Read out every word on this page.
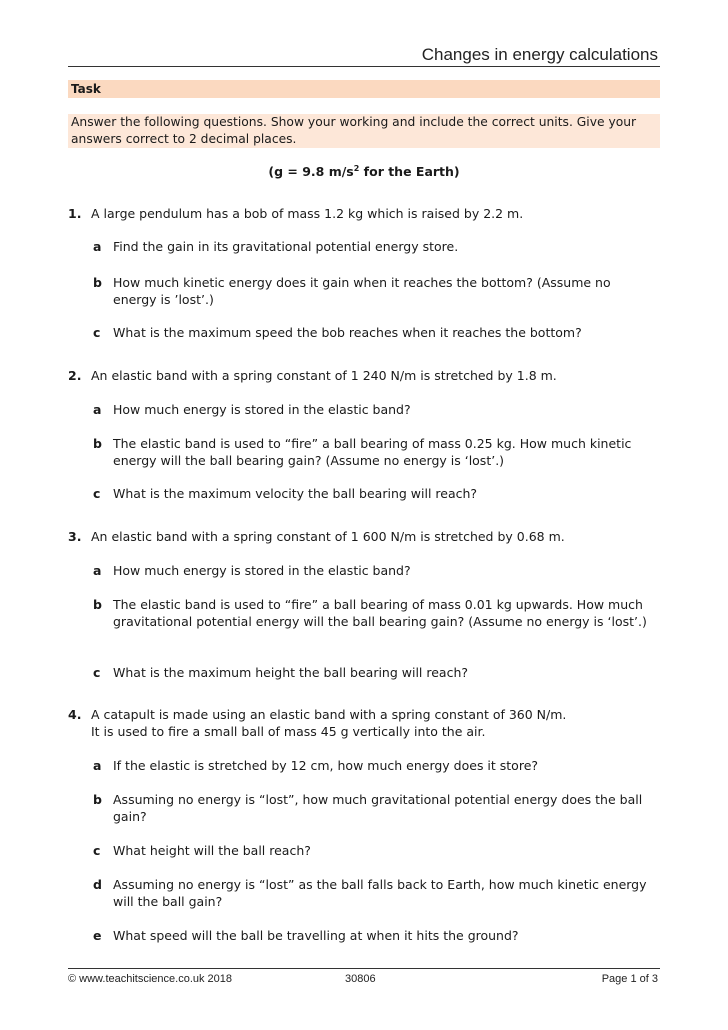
Changes in energy calculations
Task
Answer the following questions. Show your working and include the correct units. Give your answers correct to 2 decimal places.
(g = 9.8 $m/s^2$ for the Earth)
1. A large pendulum has a bob of mass 1.2 kg which is raised by 2.2 m.
a Find the gain in its gravitational potential energy store.
b How much kinetic energy does it gain when it reaches the bottom? (Assume no energy is ’lost’.)
c What is the maximum speed the bob reaches when it reaches the bottom?
2. An elastic band with a spring constant of 1 240 N/m is stretched by 1.8 m.
a How much energy is stored in the elastic band?
b The elastic band is used to “fire” a ball bearing of mass 0.25 kg. How much kinetic energy will the ball bearing gain? (Assume no energy is ‘lost’.)
c What is the maximum velocity the ball bearing will reach?
3. An elastic band with a spring constant of 1 600 N/m is stretched by 0.68 m.
a How much energy is stored in the elastic band?
b The elastic band is used to “fire” a ball bearing of mass 0.01 kg upwards. How much gravitational potential energy will the ball bearing gain? (Assume no energy is ‘lost’.)
c What is the maximum height the ball bearing will reach?
4. A catapult is made using an elastic band with a spring constant of 360 N/m.
It is used to fire a small ball of mass 45 g vertically into the air.
a If the elastic is stretched by 12 cm, how much energy does it store?
b Assuming no energy is “lost”, how much gravitational potential energy does the ball gain?
c What height will the ball reach?
d Assuming no energy is “lost” as the ball falls back to Earth, how much kinetic energy will the ball gain?
e What speed will the ball be travelling at when it hits the ground?
© www.teachitscience.co.uk 2018	30806	Page 1 of 3
